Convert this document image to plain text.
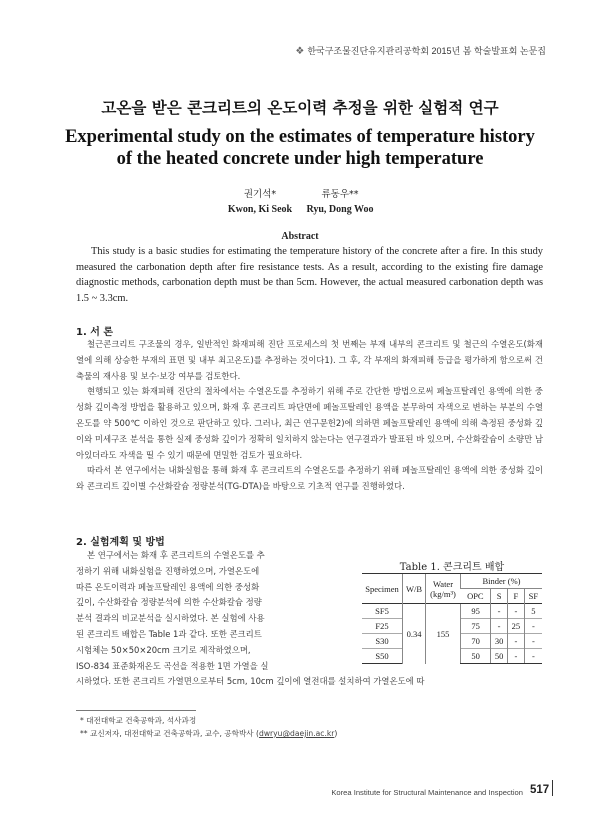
❖ 한국구조물진단유지관리공학회 2015년 봄 학술발표회 논문집
고온을 받은 콘크리트의 온도이력 추정을 위한 실험적 연구
Experimental study on the estimates of temperature history
of the heated concrete under high temperature
권기석*
Kwon, Ki Seok
류동우**
Ryu, Dong Woo
Abstract
This study is a basic studies for estimating the temperature history of the concrete after a fire. In this study measured the carbonation depth after fire resistance tests. As a result, according to the existing fire damage diagnostic methods, carbonation depth must be than 5cm. However, the actual measured carbonation depth was 1.5 ~ 3.3cm.
1. 서 론

철근콘크리트 구조물의 경우, 일반적인 화재피해 진단 프로세스의 첫 번째는 부재 내부의 콘크리트 및 철근의 수열온도(화재 열에 의해 상승한 부재의 표면 및 내부 최고온도)를 추정하는 것이다1). 그 후, 각 부재의 화재피해 등급을 평가하게 함으로써 건축물의 재사용 및 보수·보강 여부를 검토한다.

현행되고 있는 화재피해 진단의 절차에서는 수열온도를 추정하기 위해 주로 간단한 방법으로써 페놀프탈레인 용액에 의한 중성화 깊이측정 방법을 활용하고 있으며, 화재 후 콘크리트 파단면에 페놀프탈레인 용액을 분무하여 자색으로 변하는 부분의 수열온도를 약 500℃ 이하인 것으로 판단하고 있다. 그러나, 최근 연구문헌2)에 의하면 페놀프탈레인 용액에 의해 측정된 중성화 깊이와 미세구조 분석을 통한 실제 중성화 깊이가 정확히 일치하지 않는다는 연구결과가 발표된 바 있으며, 수산화칼슘이 소량만 남아있더라도 자색을 띨 수 있기 때문에 면밀한 검토가 필요하다.

따라서 본 연구에서는 내화실험을 통해 화재 후 콘크리트의 수열온도를 추정하기 위해 페놀프탈레인 용액에 의한 중성화 깊이와 콘크리트 깊이별 수산화칼슘 정량분석(TG-DTA)을 바탕으로 기초적 연구를 진행하였다.

2. 실험계획 및 방법
본 연구에서는 화재 후 콘크리트의 수열온도를 추
정하기 위해 내화실험을 진행하였으며, 가열온도에
따른 온도이력과 페놀프탈레인 용액에 의한 중성화
깊이, 수산화칼슘 정량분석에 의한 수산화칼슘 정량
분석 결과의 비교분석을 실시하였다. 본 실험에 사용
된 콘크리트 배합은 Table 1과 같다. 또한 콘크리트
시험체는 50×50×20cm 크기로 제작하였으며,
ISO-834 표준화재온도 곡선을 적용한 1면 가열을 실
시하였다. 또한 콘크리트 가열면으로부터 5cm, 10cm 깊이에 열전대를 설치하여 가열온도에 따
Table 1. 콘크리트 배합
Specimen	W/B	Water (kg/m³)	Binder (%)			
			OPC	S	F	SF
SF5	0.34	155	95	-	-	5
F25			75	-	25	-
S30			70	30	-	-
S50			50	50	-	-
* 대전대학교 건축공학과, 석사과정
** 교신저자, 대전대학교 건축공학과, 교수, 공학박사 (dwryu@daejin.ac.kr)
Korea Institute for Structural Maintenance and Inspection 517
